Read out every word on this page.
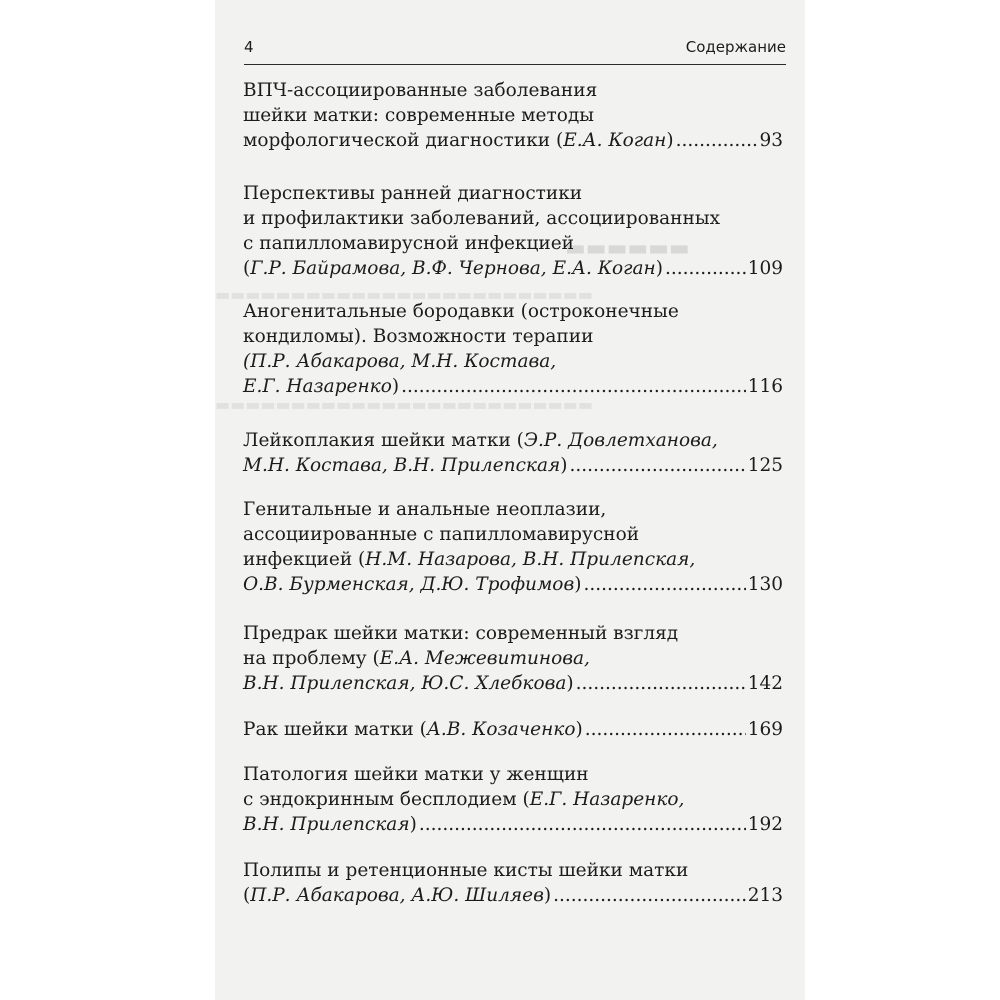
▬▬▬▬▬▬
▬▬▬▬▬▬▬▬▬▬▬▬▬▬▬▬▬▬▬▬▬▬▬▬▬
▬▬▬▬▬▬▬▬▬▬▬▬▬▬▬▬▬▬▬▬▬▬▬▬▬
4	Содержание
ВПЧ-ассоциированные заболевания
шейки матки: современные методы
морфологической диагностики (Е.А. Коган) .....	93
Перспективы ранней диагностики
и профилактики заболеваний, ассоциированных
с папилломавирусной инфекцией
(Г.Р. Байрамова, В.Ф. Чернова, Е.А. Коган) .....	109
Аногенитальные бородавки (остроконечные
кондиломы). Возможности терапии
(П.Р. Абакарова, М.Н. Костава,
Е.Г. Назаренко) .....	116
Лейкоплакия шейки матки (Э.Р. Довлетханова,
М.Н. Костава, В.Н. Прилепская) .....	125
Генитальные и анальные неоплазии,
ассоциированные с папилломавирусной
инфекцией (Н.М. Назарова, В.Н. Прилепская,
О.В. Бурменская, Д.Ю. Трофимов) .....	130
Предрак шейки матки: современный взгляд
на проблему (Е.А. Межевитинова,
В.Н. Прилепская, Ю.С. Хлебкова) .....	142
Рак шейки матки (А.В. Козаченко) .....	169
Патология шейки матки у женщин
с эндокринным бесплодием (Е.Г. Назаренко,
В.Н. Прилепская) .....	192
Полипы и ретенционные кисты шейки матки
(П.Р. Абакарова, А.Ю. Шиляев) .....	213
